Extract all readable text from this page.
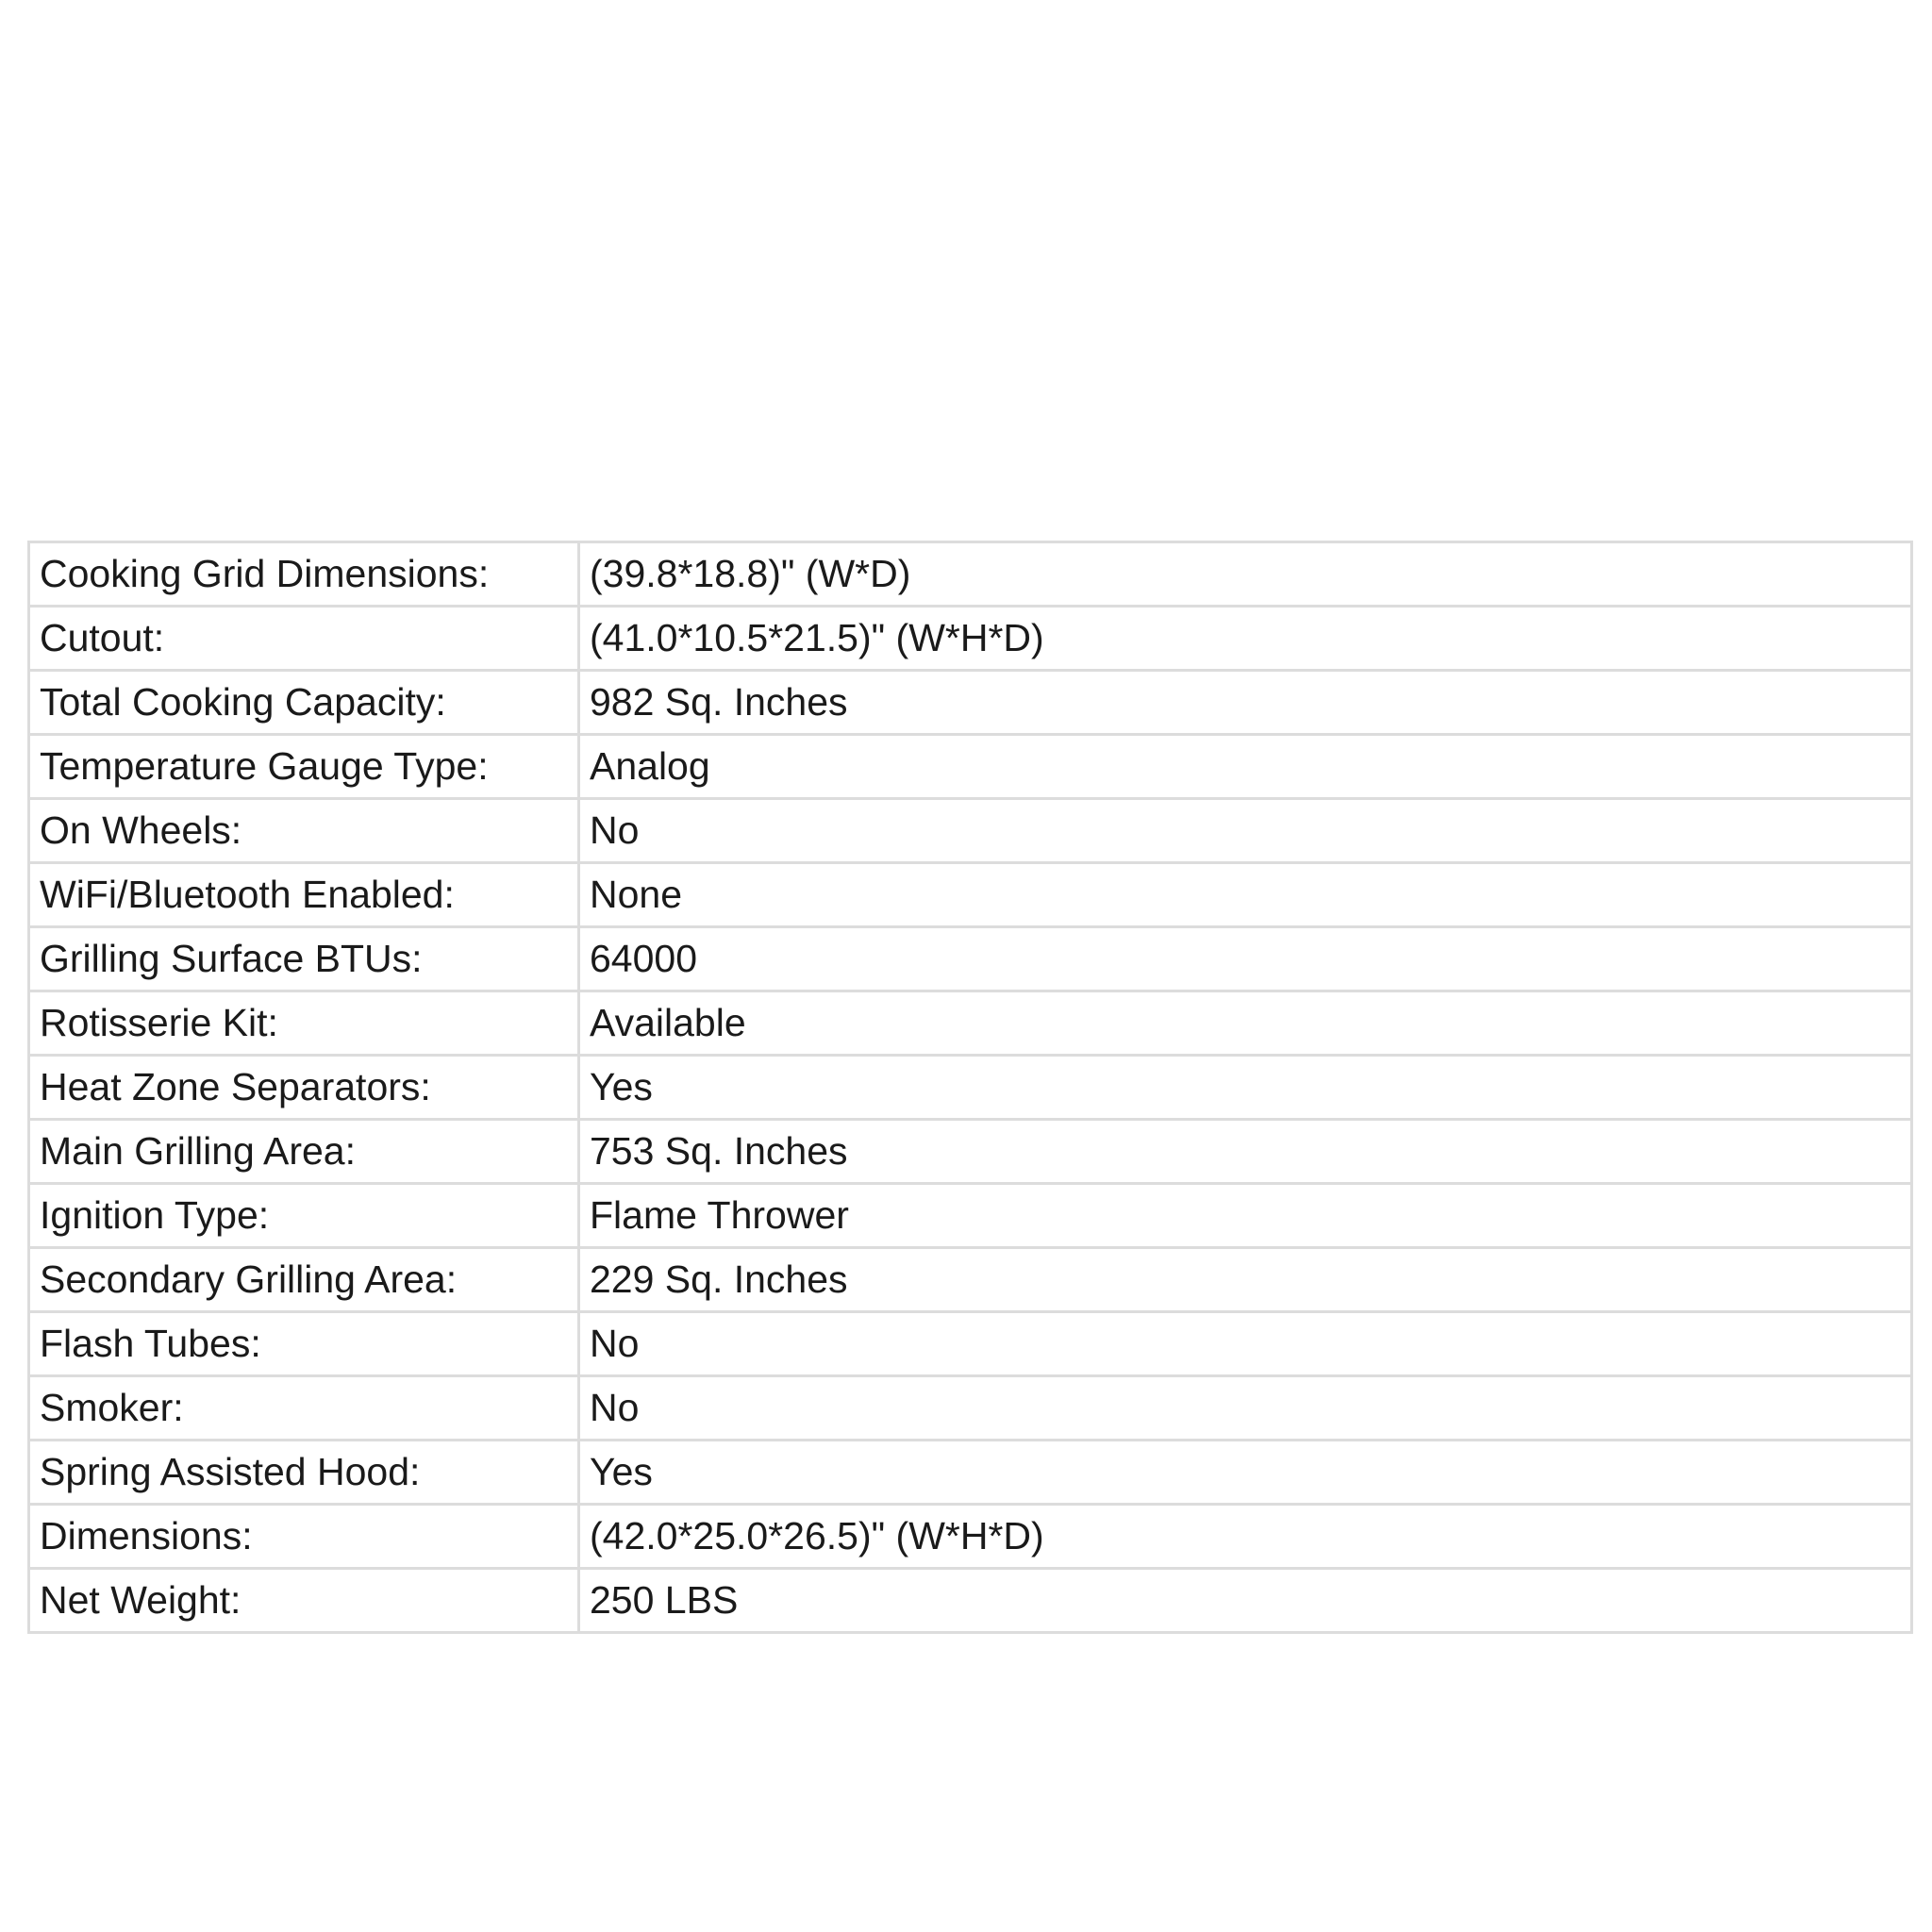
Cooking Grid Dimensions:	(39.8*18.8)" (W*D)
Cutout:	(41.0*10.5*21.5)" (W*H*D)
Total Cooking Capacity:	982 Sq. Inches
Temperature Gauge Type:	Analog
On Wheels:	No
WiFi/Bluetooth Enabled:	None
Grilling Surface BTUs:	64000
Rotisserie Kit:	Available
Heat Zone Separators:	Yes
Main Grilling Area:	753 Sq. Inches
Ignition Type:	Flame Thrower
Secondary Grilling Area:	229 Sq. Inches
Flash Tubes:	No
Smoker:	No
Spring Assisted Hood:	Yes
Dimensions:	(42.0*25.0*26.5)" (W*H*D)
Net Weight:	250 LBS
